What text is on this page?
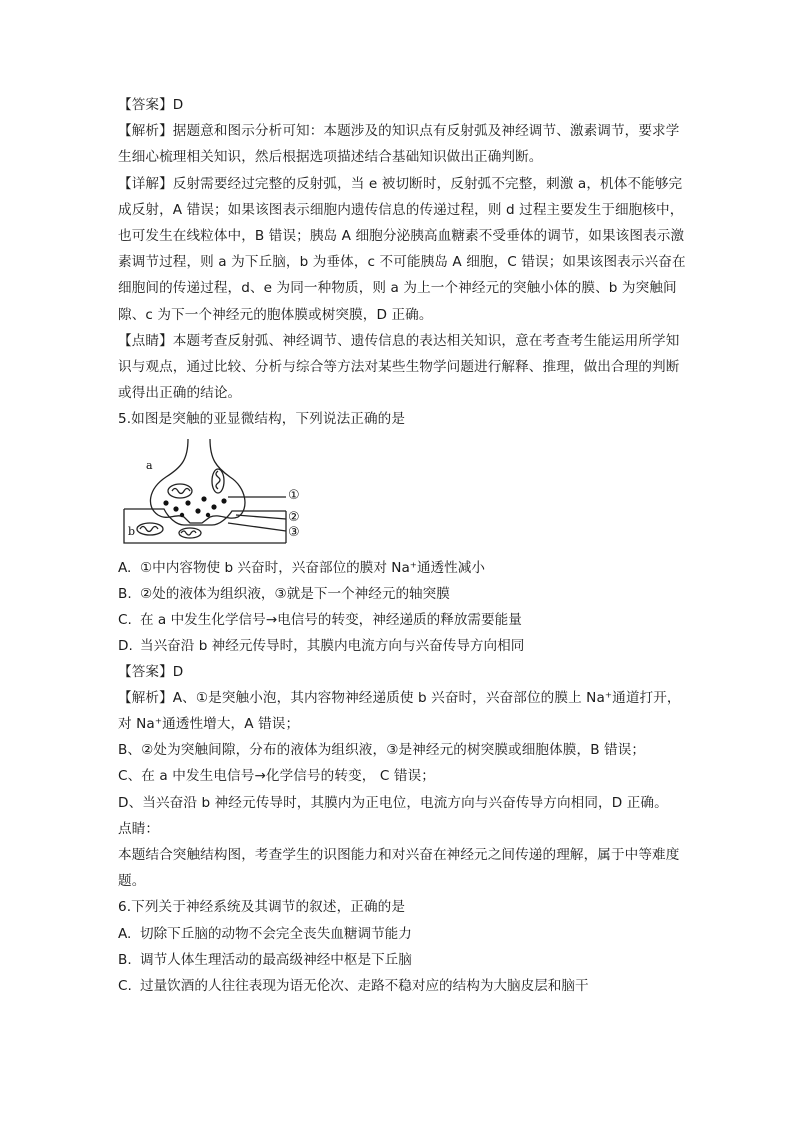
【答案】D

【解析】据题意和图示分析可知：本题涉及的知识点有反射弧及神经调节、激素调节，要求学生细心梳理相关知识，然后根据选项描述结合基础知识做出正确判断。

【详解】反射需要经过完整的反射弧，当 e 被切断时，反射弧不完整，刺激 a，机体不能够完成反射，A 错误；如果该图表示细胞内遗传信息的传递过程，则 d 过程主要发生于细胞核中，也可发生在线粒体中，B 错误；胰岛 A 细胞分泌胰高血糖素不受垂体的调节，如果该图表示激素调节过程，则 a 为下丘脑，b 为垂体，c 不可能胰岛 A 细胞，C 错误；如果该图表示兴奋在细胞间的传递过程，d、e 为同一种物质，则 a 为上一个神经元的突触小体的膜、b 为突触间隙、c 为下一个神经元的胞体膜或树突膜，D 正确。

【点睛】本题考查反射弧、神经调节、遗传信息的表达相关知识，意在考查考生能运用所学知识与观点，通过比较、分析与综合等方法对某些生物学问题进行解释、推理，做出合理的判断或得出正确的结论。

5.如图是突触的亚显微结构，下列说法正确的是

a
b
①
②
③

A. ①中内容物使 b 兴奋时，兴奋部位的膜对 Na⁺通透性减小

B. ②处的液体为组织液，③就是下一个神经元的轴突膜

C. 在 a 中发生化学信号→电信号的转变，神经递质的释放需要能量

D. 当兴奋沿 b 神经元传导时，其膜内电流方向与兴奋传导方向相同

【答案】D

【解析】A、①是突触小泡，其内容物神经递质使 b 兴奋时，兴奋部位的膜上 Na⁺通道打开，对 Na⁺通透性增大，A 错误；

B、②处为突触间隙，分布的液体为组织液，③是神经元的树突膜或细胞体膜，B 错误；

C、在 a 中发生电信号→化学信号的转变， C 错误；

D、当兴奋沿 b 神经元传导时，其膜内为正电位，电流方向与兴奋传导方向相同，D 正确。

点睛：

本题结合突触结构图，考查学生的识图能力和对兴奋在神经元之间传递的理解，属于中等难度题。

6.下列关于神经系统及其调节的叙述，正确的是

A. 切除下丘脑的动物不会完全丧失血糖调节能力

B. 调节人体生理活动的最高级神经中枢是下丘脑

C. 过量饮酒的人往往表现为语无伦次、走路不稳对应的结构为大脑皮层和脑干
